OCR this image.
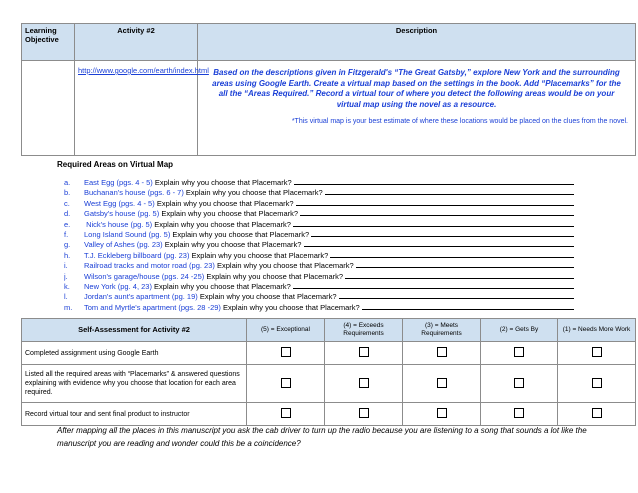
Learning Objective	Activity #2	Description

	http://www.google.com/earth/index.html	Based on the descriptions given in Fitzgerald's “The Great Gatsby,” explore New York and the surrounding areas using Google Earth. Create a virtual map based on the settings in the book. Add “Placemarks” for the all the “Areas Required.” Record a virtual tour of where you detect the following areas would be on your virtual map using the novel as a resource.
*This virtual map is your best estimate of where these locations would be placed on the clues from the novel.
Required Areas on Virtual Map
a. East Egg (pgs. 4 - 5) Explain why you choose that Placemark?
b. Buchanan's house (pgs. 6 - 7) Explain why you choose that Placemark?
c. West Egg (pgs. 4 - 5) Explain why you choose that Placemark?
d. Gatsby's house (pg. 5) Explain why you choose that Placemark?
e. Nick's house (pg. 5) Explain why you choose that Placemark?
f. Long Island Sound (pg. 5) Explain why you choose that Placemark?
g. Valley of Ashes (pg. 23) Explain why you choose that Placemark?
h. T.J. Eckleberg billboard (pg. 23) Explain why you choose that Placemark?
i. Railroad tracks and motor road (pg. 23) Explain why you choose that Placemark?
j. Wilson's garage/house (pgs. 24 -25) Explain why you choose that Placemark?
k. New York (pg. 4, 23) Explain why you choose that Placemark?
l. Jordan's aunt's apartment (pg. 19) Explain why you choose that Placemark?
m. Tom and Myrtle's apartment (pgs. 28 -29) Explain why you choose that Placemark?
Self-Assessment for Activity #2	(5) = Exceptional	(4) = Exceeds Requirements	(3) = Meets Requirements	(2) = Gets By	(1) = Needs More Work
Completed assignment using Google Earth					
Listed all the required areas with “Placemarks” & answered questions explaining with evidence why you choose that location for each area required.					
Record virtual tour and sent final product to instructor					
After mapping all the places in this manuscript you ask the cab driver to turn up the radio because you are listening to a song that sounds a lot like the manuscript you are reading and wonder could this be a coincidence?
